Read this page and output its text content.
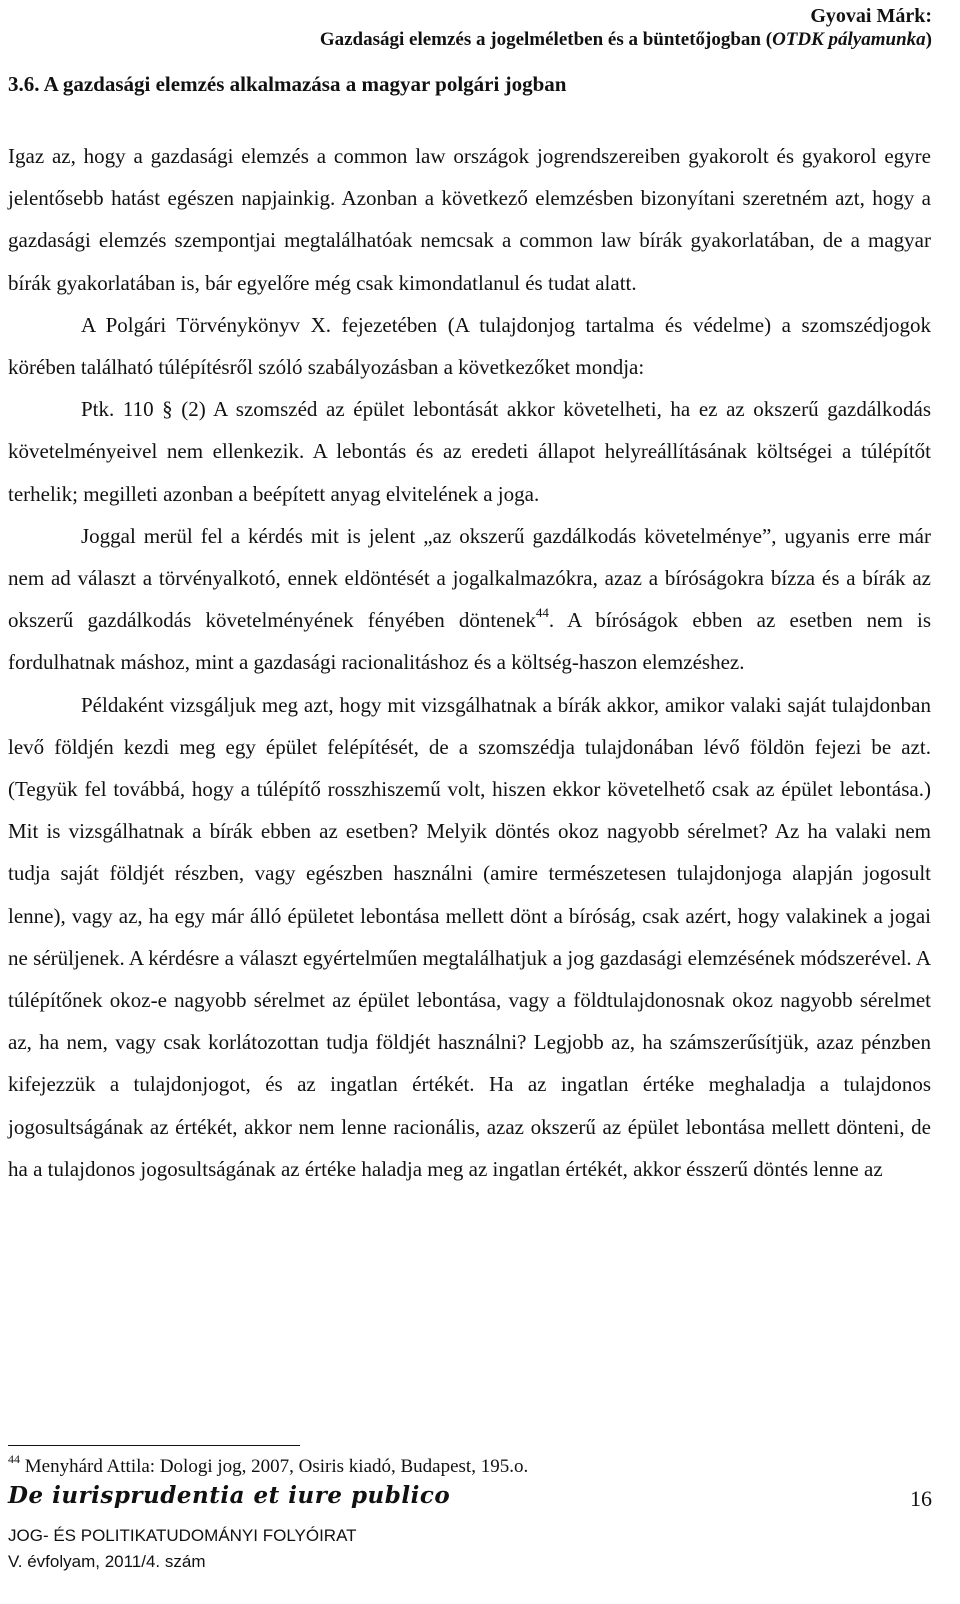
Gyovai Márk:
Gazdasági elemzés a jogelméletben és a büntetőjogban (OTDK pályamunka)
3.6. A gazdasági elemzés alkalmazása a magyar polgári jogban

Igaz az, hogy a gazdasági elemzés a common law országok jogrendszereiben gyakorolt és gyakorol egyre jelentősebb hatást egészen napjainkig. Azonban a következő elemzésben bizonyítani szeretném azt, hogy a gazdasági elemzés szempontjai megtalálhatóak nemcsak a common law bírák gyakorlatában, de a magyar bírák gyakorlatában is, bár egyelőre még csak kimondatlanul és tudat alatt.

A Polgári Törvénykönyv X. fejezetében (A tulajdonjog tartalma és védelme) a szomszédjogok körében található túlépítésről szóló szabályozásban a következőket mondja:

Ptk. 110 § (2) A szomszéd az épület lebontását akkor követelheti, ha ez az okszerű gazdálkodás követelményeivel nem ellenkezik. A lebontás és az eredeti állapot helyreállításának költségei a túlépítőt terhelik; megilleti azonban a beépített anyag elvitelének a joga.

Joggal merül fel a kérdés mit is jelent „az okszerű gazdálkodás követelménye”, ugyanis erre már nem ad választ a törvényalkotó, ennek eldöntését a jogalkalmazókra, azaz a bíróságokra bízza és a bírák az okszerű gazdálkodás követelményének fényében döntenek$^{44}$. A bíróságok ebben az esetben nem is fordulhatnak máshoz, mint a gazdasági racionalitáshoz és a költség-haszon elemzéshez.

Példaként vizsgáljuk meg azt, hogy mit vizsgálhatnak a bírák akkor, amikor valaki saját tulajdonban levő földjén kezdi meg egy épület felépítését, de a szomszédja tulajdonában lévő földön fejezi be azt. (Tegyük fel továbbá, hogy a túlépítő rosszhiszemű volt, hiszen ekkor követelhető csak az épület lebontása.) Mit is vizsgálhatnak a bírák ebben az esetben? Melyik döntés okoz nagyobb sérelmet? Az ha valaki nem tudja saját földjét részben, vagy egészben használni (amire természetesen tulajdonjoga alapján jogosult lenne), vagy az, ha egy már álló épületet lebontása mellett dönt a bíróság, csak azért, hogy valakinek a jogai ne sérüljenek. A kérdésre a választ egyértelműen megtalálhatjuk a jog gazdasági elemzésének módszerével. A túlépítőnek okoz-e nagyobb sérelmet az épület lebontása, vagy a földtulajdonosnak okoz nagyobb sérelmet az, ha nem, vagy csak korlátozottan tudja földjét használni? Legjobb az, ha számszerűsítjük, azaz pénzben kifejezzük a tulajdonjogot, és az ingatlan értékét. Ha az ingatlan értéke meghaladja a tulajdonos jogosultságának az értékét, akkor nem lenne racionális, azaz okszerű az épület lebontása mellett dönteni, de ha a tulajdonos jogosultságának az értéke haladja meg az ingatlan értékét, akkor ésszerű döntés lenne az

$^{44}$ Menyhárd Attila: Dologi jog, 2007, Osiris kiadó, Budapest, 195.o.
De iurisprudentia et iure publico	16
JOG- ÉS POLITIKATUDOMÁNYI FOLYÓIRAT
V. évfolyam, 2011/4. szám
